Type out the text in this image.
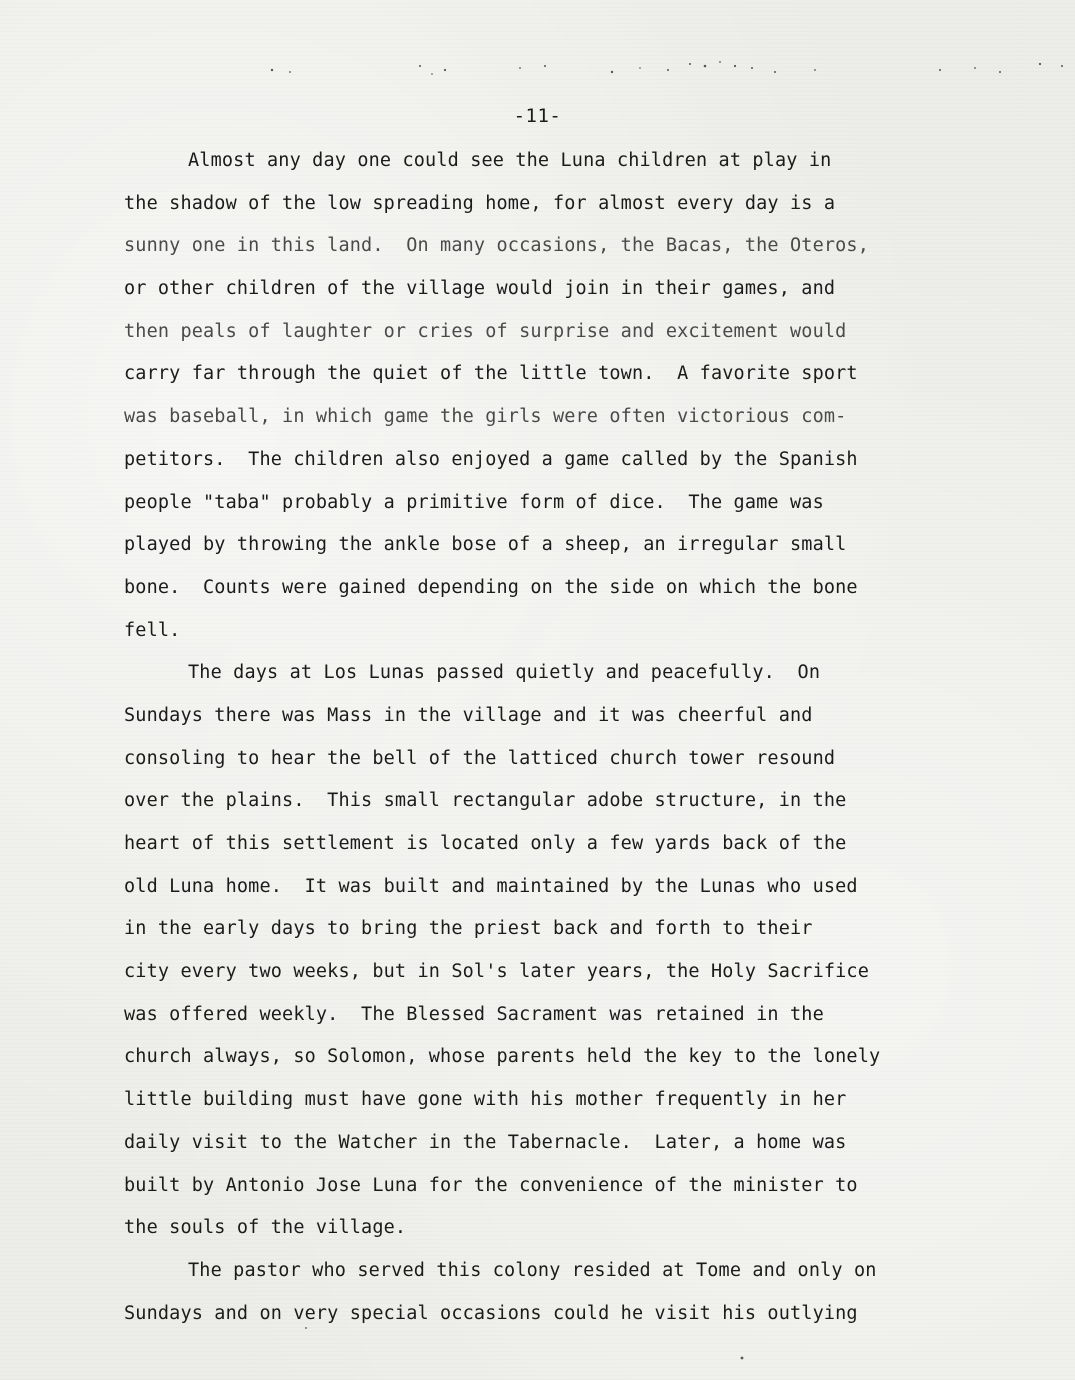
-11-

Almost any day one could see the Luna children at play in
the shadow of the low spreading home, for almost every day is a
sunny one in this land.  On many occasions, the Bacas, the Oteros,
or other children of the village would join in their games, and
then peals of laughter or cries of surprise and excitement would
carry far through the quiet of the little town.  A favorite sport
was baseball, in which game the girls were often victorious com-
petitors.  The children also enjoyed a game called by the Spanish
people "taba" probably a primitive form of dice.  The game was
played by throwing the ankle bose of a sheep, an irregular small
bone.  Counts were gained depending on the side on which the bone
fell.

The days at Los Lunas passed quietly and peacefully.  On
Sundays there was Mass in the village and it was cheerful and
consoling to hear the bell of the latticed church tower resound
over the plains.  This small rectangular adobe structure, in the
heart of this settlement is located only a few yards back of the
old Luna home.  It was built and maintained by the Lunas who used
in the early days to bring the priest back and forth to their
city every two weeks, but in Sol's later years, the Holy Sacrifice
was offered weekly.  The Blessed Sacrament was retained in the
church always, so Solomon, whose parents held the key to the lonely
little building must have gone with his mother frequently in her
daily visit to the Watcher in the Tabernacle.  Later, a home was
built by Antonio Jose Luna for the convenience of the minister to
the souls of the village.

The pastor who served this colony resided at Tome and only on
Sundays and on very special occasions could he visit his outlying
